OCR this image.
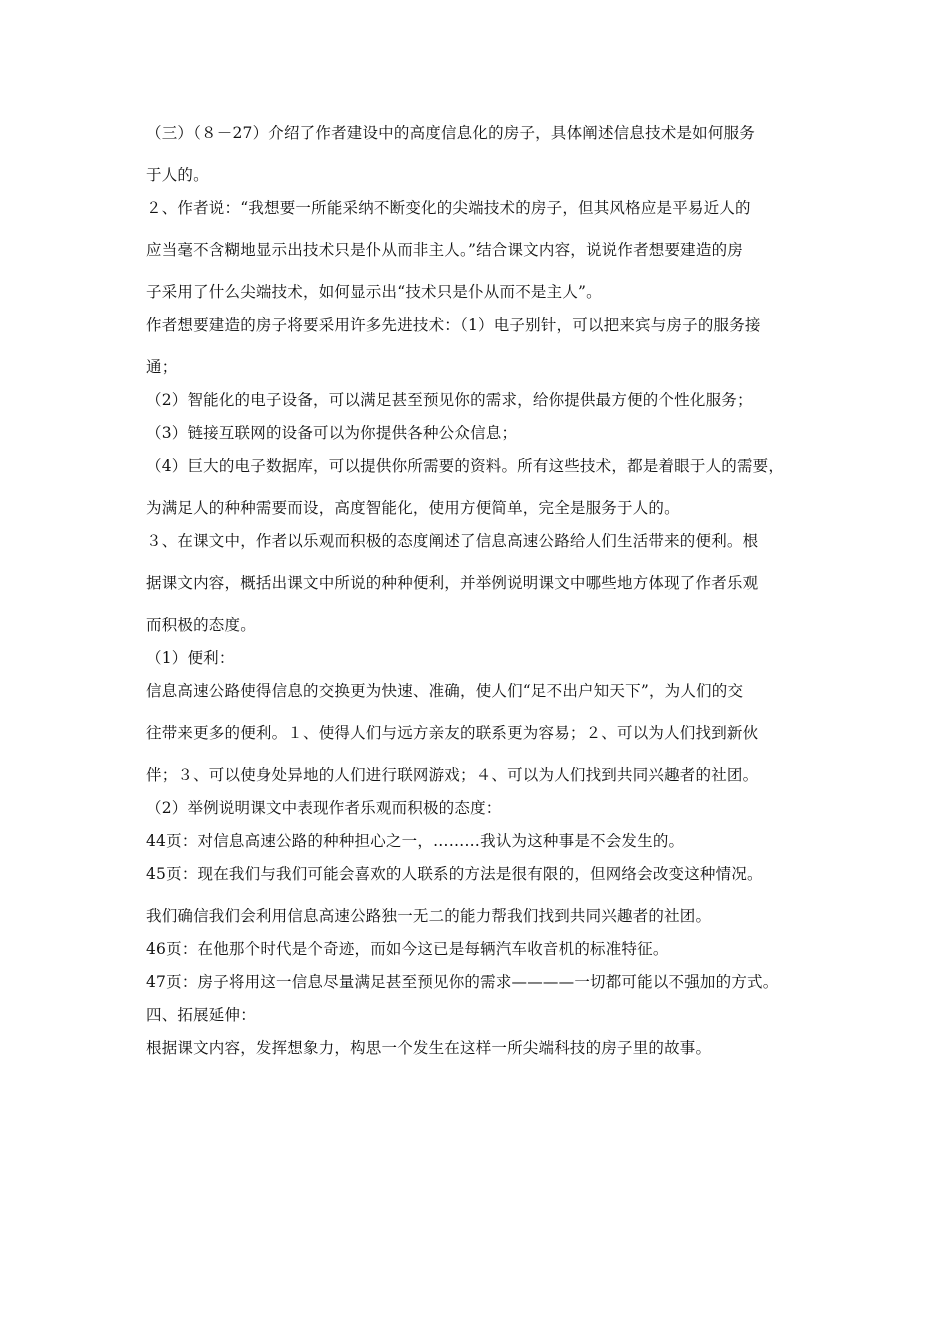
（三）（８－27）介绍了作者建设中的高度信息化的房子，具体阐述信息技术是如何服务
于人的。
２、作者说：“我想要一所能采纳不断变化的尖端技术的房子，但其风格应是平易近人的
应当毫不含糊地显示出技术只是仆从而非主人。”结合课文内容，说说作者想要建造的房
子采用了什么尖端技术，如何显示出“技术只是仆从而不是主人”。
作者想要建造的房子将要采用许多先进技术：（1）电子别针，可以把来宾与房子的服务接
通；
（2）智能化的电子设备，可以满足甚至预见你的需求，给你提供最方便的个性化服务；
（3）链接互联网的设备可以为你提供各种公众信息；
（4）巨大的电子数据库，可以提供你所需要的资料。所有这些技术，都是着眼于人的需要，
为满足人的种种需要而设，高度智能化，使用方便简单，完全是服务于人的。
３、在课文中，作者以乐观而积极的态度阐述了信息高速公路给人们生活带来的便利。根
据课文内容，概括出课文中所说的种种便利，并举例说明课文中哪些地方体现了作者乐观
而积极的态度。
（1）便利：
信息高速公路使得信息的交换更为快速、准确，使人们“足不出户知天下”，为人们的交
往带来更多的便利。１、使得人们与远方亲友的联系更为容易；２、可以为人们找到新伙
伴；３、可以使身处异地的人们进行联网游戏；４、可以为人们找到共同兴趣者的社团。
（2）举例说明课文中表现作者乐观而积极的态度：
44页：对信息高速公路的种种担心之一，………我认为这种事是不会发生的。
45页：现在我们与我们可能会喜欢的人联系的方法是很有限的，但网络会改变这种情况。
我们确信我们会利用信息高速公路独一无二的能力帮我们找到共同兴趣者的社团。
46页：在他那个时代是个奇迹，而如今这已是每辆汽车收音机的标准特征。
47页：房子将用这一信息尽量满足甚至预见你的需求————一切都可能以不强加的方式。
四、拓展延伸：
根据课文内容，发挥想象力，构思一个发生在这样一所尖端科技的房子里的故事。
